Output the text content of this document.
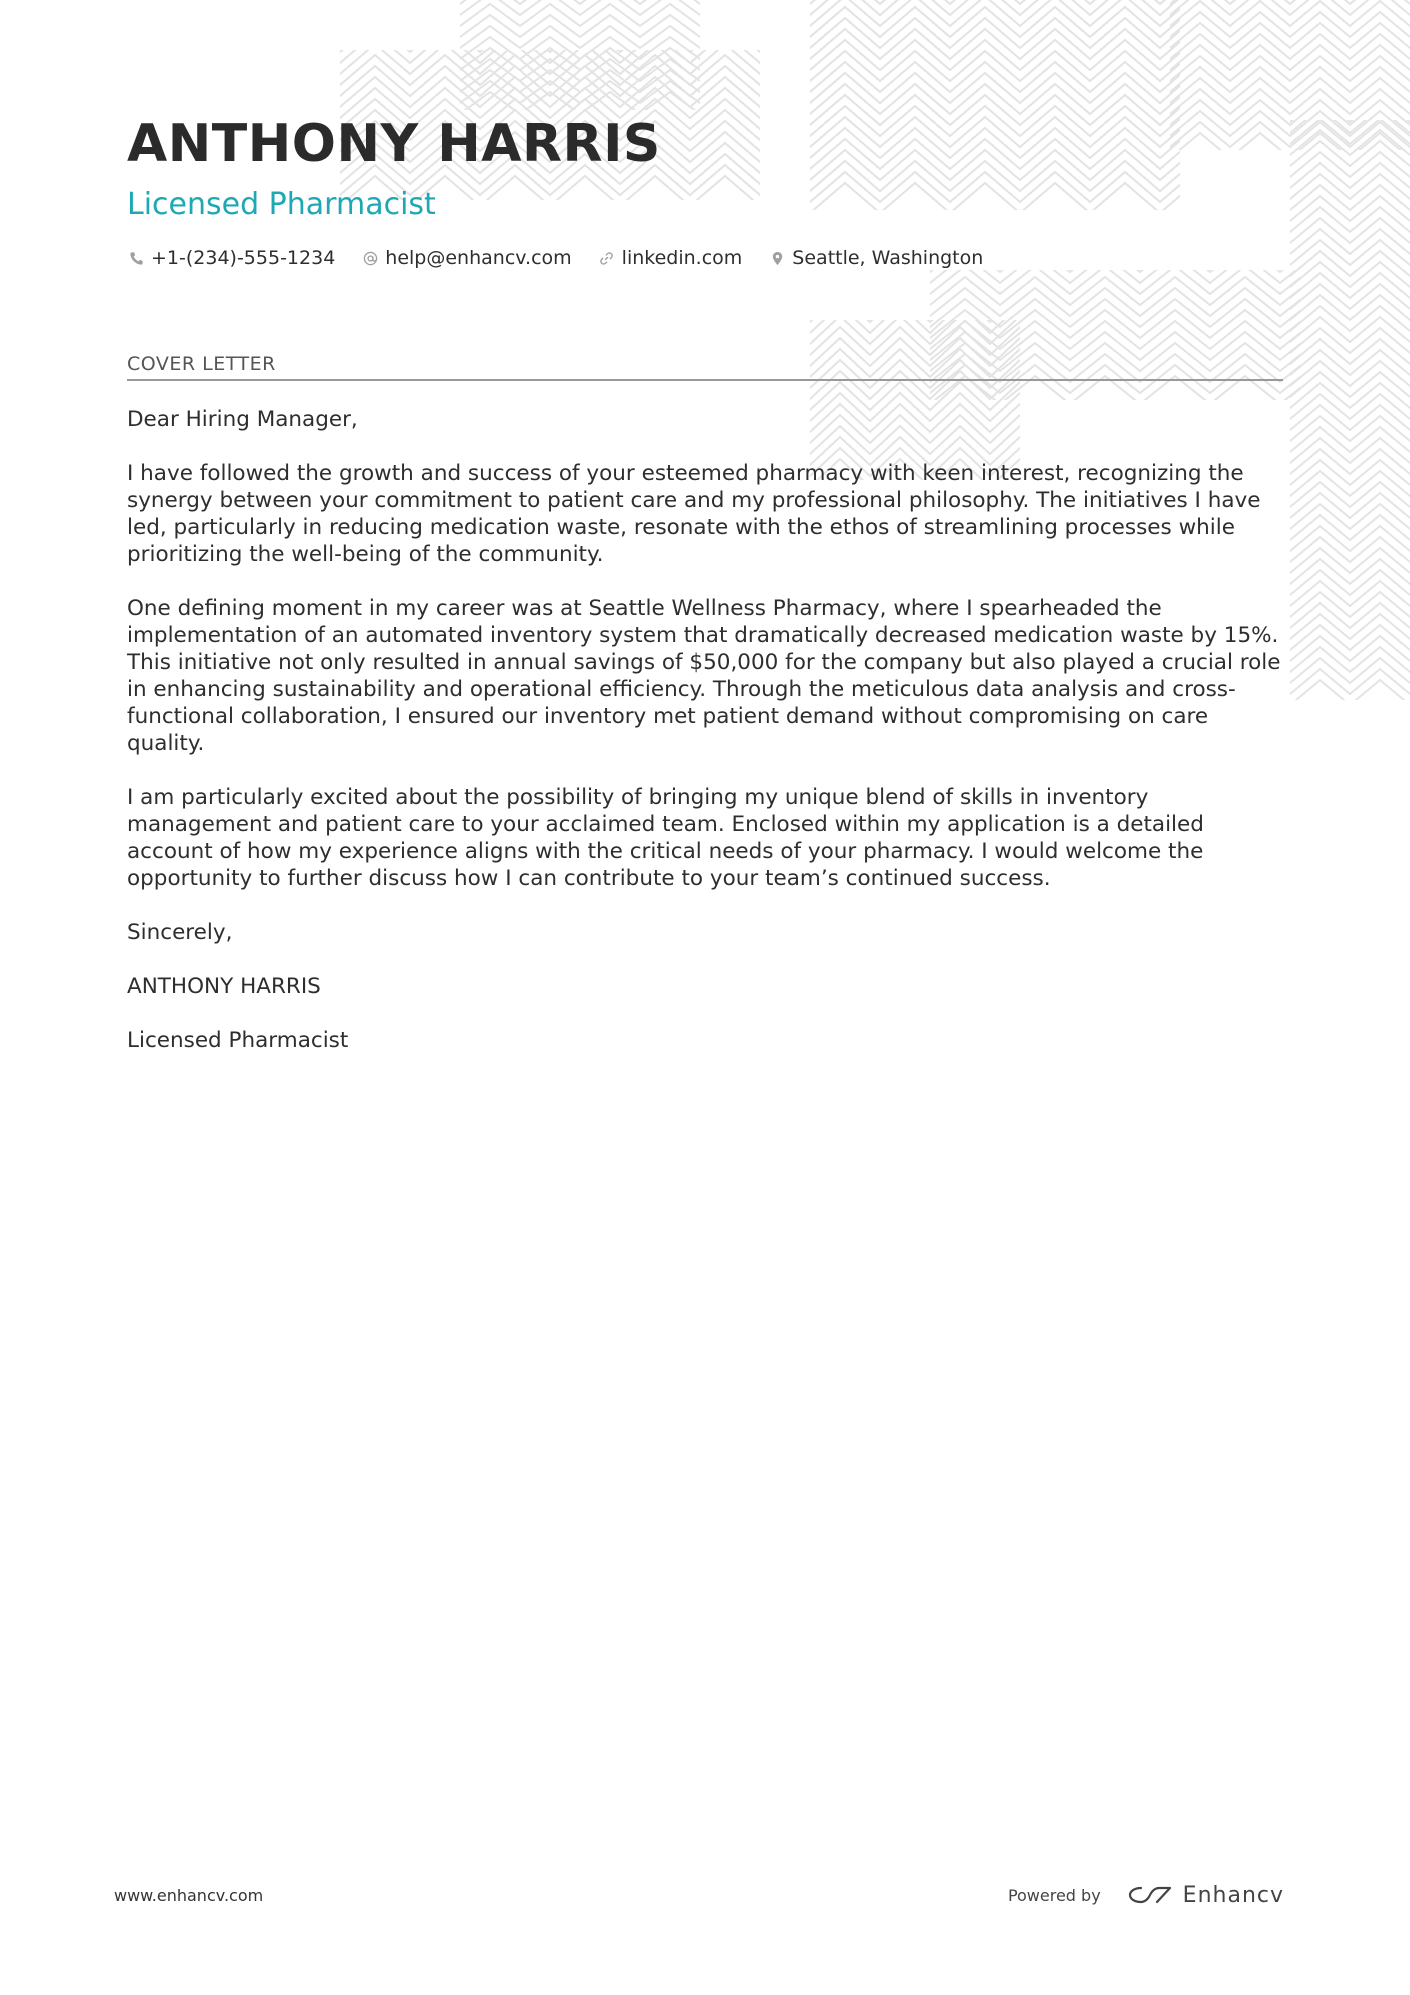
ANTHONY HARRIS
Licensed Pharmacist
+1-(234)-555-1234	help@enhancv.com	linkedin.com	Seattle, Washington
COVER LETTER

Dear Hiring Manager,

I have followed the growth and success of your esteemed pharmacy with keen interest, recognizing the synergy between your commitment to patient care and my professional philosophy. The initiatives I have led, particularly in reducing medication waste, resonate with the ethos of streamlining processes while prioritizing the well-being of the community.

One defining moment in my career was at Seattle Wellness Pharmacy, where I spearheaded the implementation of an automated inventory system that dramatically decreased medication waste by 15%. This initiative not only resulted in annual savings of $50,000 for the company but also played a crucial role in enhancing sustainability and operational efficiency. Through the meticulous data analysis and cross-functional collaboration, I ensured our inventory met patient demand without compromising on care quality.

I am particularly excited about the possibility of bringing my unique blend of skills in inventory management and patient care to your acclaimed team. Enclosed within my application is a detailed account of how my experience aligns with the critical needs of your pharmacy. I would welcome the opportunity to further discuss how I can contribute to your team’s continued success.

Sincerely,

ANTHONY HARRIS

Licensed Pharmacist

www.enhancv.com	Powered by	Enhancv
